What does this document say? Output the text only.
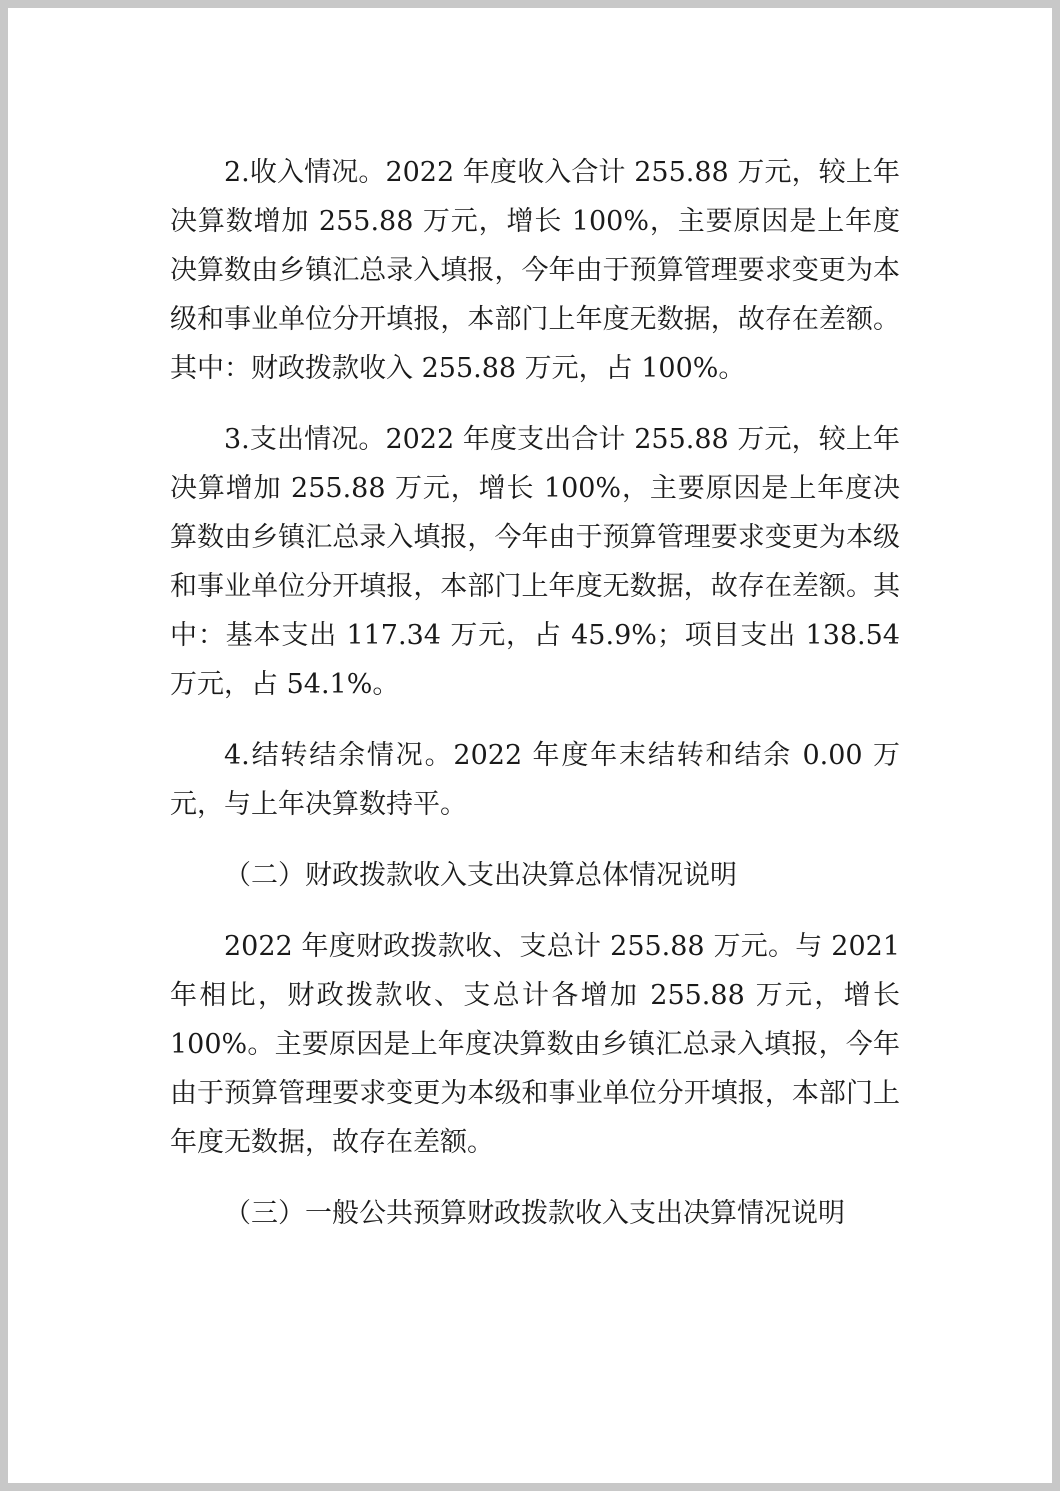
2.收入情况。2022 年度收入合计 255.88 万元，较上年决算数增加 255.88 万元，增长 100%，主要原因是上年度决算数由乡镇汇总录入填报，今年由于预算管理要求变更为本级和事业单位分开填报，本部门上年度无数据，故存在差额。其中：财政拨款收入 255.88 万元，占 100%。

3.支出情况。2022 年度支出合计 255.88 万元，较上年决算增加 255.88 万元，增长 100%，主要原因是上年度决算数由乡镇汇总录入填报，今年由于预算管理要求变更为本级和事业单位分开填报，本部门上年度无数据，故存在差额。其中：基本支出 117.34 万元，占 45.9%；项目支出 138.54 万元，占 54.1%。

4.结转结余情况。2022 年度年末结转和结余 0.00 万元，与上年决算数持平。

（二）财政拨款收入支出决算总体情况说明

2022 年度财政拨款收、支总计 255.88 万元。与 2021 年相比，财政拨款收、支总计各增加 255.88 万元，增长 100%。主要原因是上年度决算数由乡镇汇总录入填报，今年由于预算管理要求变更为本级和事业单位分开填报，本部门上年度无数据，故存在差额。

（三）一般公共预算财政拨款收入支出决算情况说明
